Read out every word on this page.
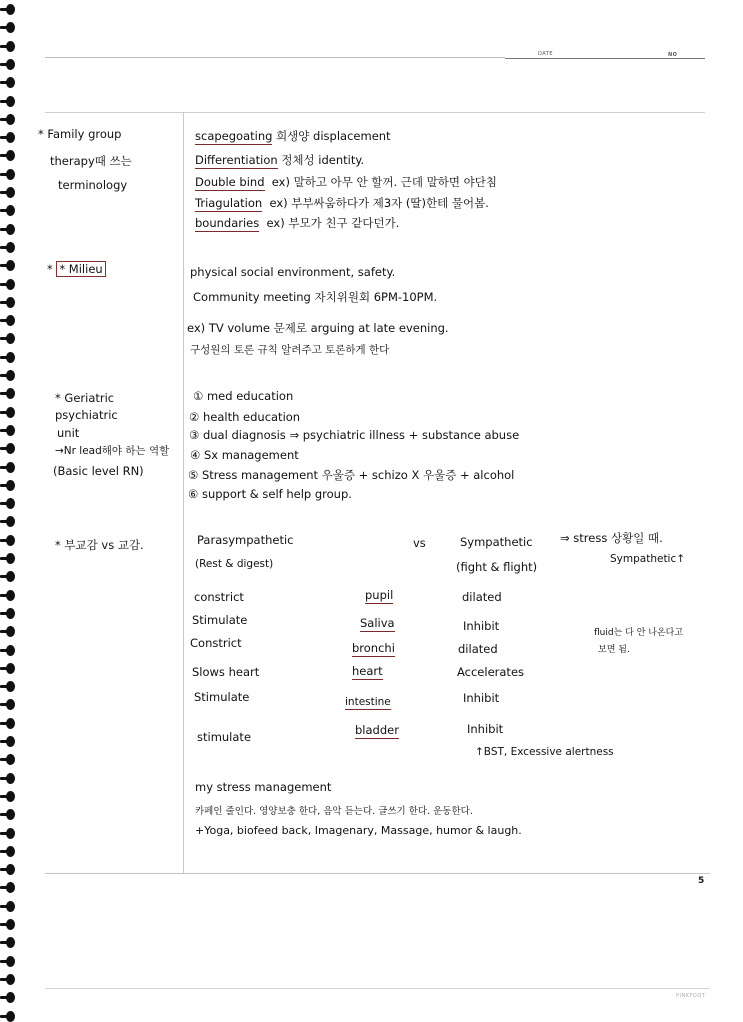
DATE	NO
* Family group
therapy때 쓰는
terminology
scapegoating 희생양 displacement
Differentiation 정체성 identity.
Double bind  ex) 말하고 아무 안 할꺼. 근데 말하면 야단침
Triagulation  ex) 부부싸움하다가 제3자 (딸)한테 물어봄.
boundaries  ex) 부모가 친구 같다던가.
* * Milieu	physical social environment, safety.
Community meeting 자치위원회 6PM-10PM.
ex) TV volume 문제로 arguing at late evening.
구성원의 토론 규칙 알려주고 토론하게 한다
* Geriatric
psychiatric
unit
→Nr lead해야 하는 역할
(Basic level RN)
① med education
② health education
③ dual diagnosis ⇒ psychiatric illness + substance abuse
④ Sx management
⑤ Stress management 우울증 + schizo X 우울증 + alcohol
⑥ support & self help group.
* 부교감 vs 교감.	Parasympathetic
(Rest & digest)
vs	Sympathetic
(fight & flight)
⇒ stress 상황일 때.
Sympathetic↑
constrict	pupil	dilated
Stimulate	Saliva	Inhibit
Constrict	bronchi	dilated
Slows heart	heart	Accelerates
Stimulate	intestine	Inhibit
stimulate	bladder	Inhibit
↑BST, Excessive alertness
fluid는 다 안 나온다고
보면 됨.
my stress management
카페인 줄인다. 영양보충 한다, 음악 듣는다. 글쓰기 한다. 운동한다.
+Yoga, biofeed back, Imagenary, Massage, humor & laugh.
5
PINKFOOT
